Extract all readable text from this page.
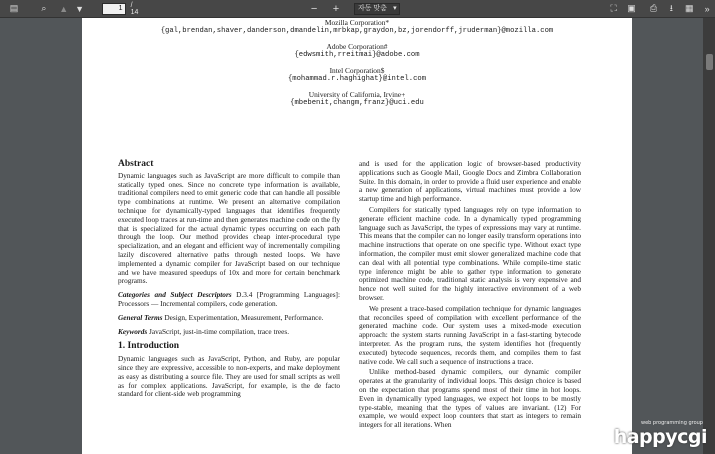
▤	⌕	▲ ▼
1	/ 14	−	+	자동 맞춤 ▾	⛶	▣	⎙	⭳	▦	»
Mozilla Corporation*
{gal,brendan,shaver,danderson,dmandelin,mrbkap,graydon,bz,jorendorff,jruderman}@mozilla.com
Adobe Corporation#
{edwsmith,rreitmai}@adobe.com
Intel Corporation$
{mohammad.r.haghighat}@intel.com
University of California, Irvine+
{mbebenit,changm,franz}@uci.edu
Abstract

Dynamic languages such as JavaScript are more difficult to compile than statically typed ones. Since no concrete type information is available, traditional compilers need to emit generic code that can handle all possible type combinations at runtime. We present an alternative compilation technique for dynamically-typed languages that identifies frequently executed loop traces at run-time and then generates machine code on the fly that is specialized for the actual dynamic types occurring on each path through the loop. Our method provides cheap inter-procedural type specialization, and an elegant and efficient way of incrementally compiling lazily discovered alternative paths through nested loops. We have implemented a dynamic compiler for JavaScript based on our technique and we have measured speedups of 10x and more for certain benchmark programs.

Categories and Subject Descriptors D.3.4 [Programming Languages]: Processors — Incremental compilers, code generation.

General Terms Design, Experimentation, Measurement, Performance.

Keywords JavaScript, just-in-time compilation, trace trees.

1. Introduction

Dynamic languages such as JavaScript, Python, and Ruby, are popular since they are expressive, accessible to non-experts, and make deployment as easy as distributing a source file. They are used for small scripts as well as for complex applications. JavaScript, for example, is the de facto standard for client-side web programming

and is used for the application logic of browser-based productivity applications such as Google Mail, Google Docs and Zimbra Collaboration Suite. In this domain, in order to provide a fluid user experience and enable a new generation of applications, virtual machines must provide a low startup time and high performance.

Compilers for statically typed languages rely on type information to generate efficient machine code. In a dynamically typed programming language such as JavaScript, the types of expressions may vary at runtime. This means that the compiler can no longer easily transform operations into machine instructions that operate on one specific type. Without exact type information, the compiler must emit slower generalized machine code that can deal with all potential type combinations. While compile-time static type inference might be able to gather type information to generate optimized machine code, traditional static analysis is very expensive and hence not well suited for the highly interactive environment of a web browser.

We present a trace-based compilation technique for dynamic languages that reconciles speed of compilation with excellent performance of the generated machine code. Our system uses a mixed-mode execution approach: the system starts running JavaScript in a fast-starting bytecode interpreter. As the program runs, the system identifies hot (frequently executed) bytecode sequences, records them, and compiles them to fast native code. We call such a sequence of instructions a trace.

Unlike method-based dynamic compilers, our dynamic compiler operates at the granularity of individual loops. This design choice is based on the expectation that programs spend most of their time in hot loops. Even in dynamically typed languages, we expect hot loops to be mostly type-stable, meaning that the types of values are invariant. (12) For example, we would expect loop counters that start as integers to remain integers for all iterations. When	web programming group
happycgi
